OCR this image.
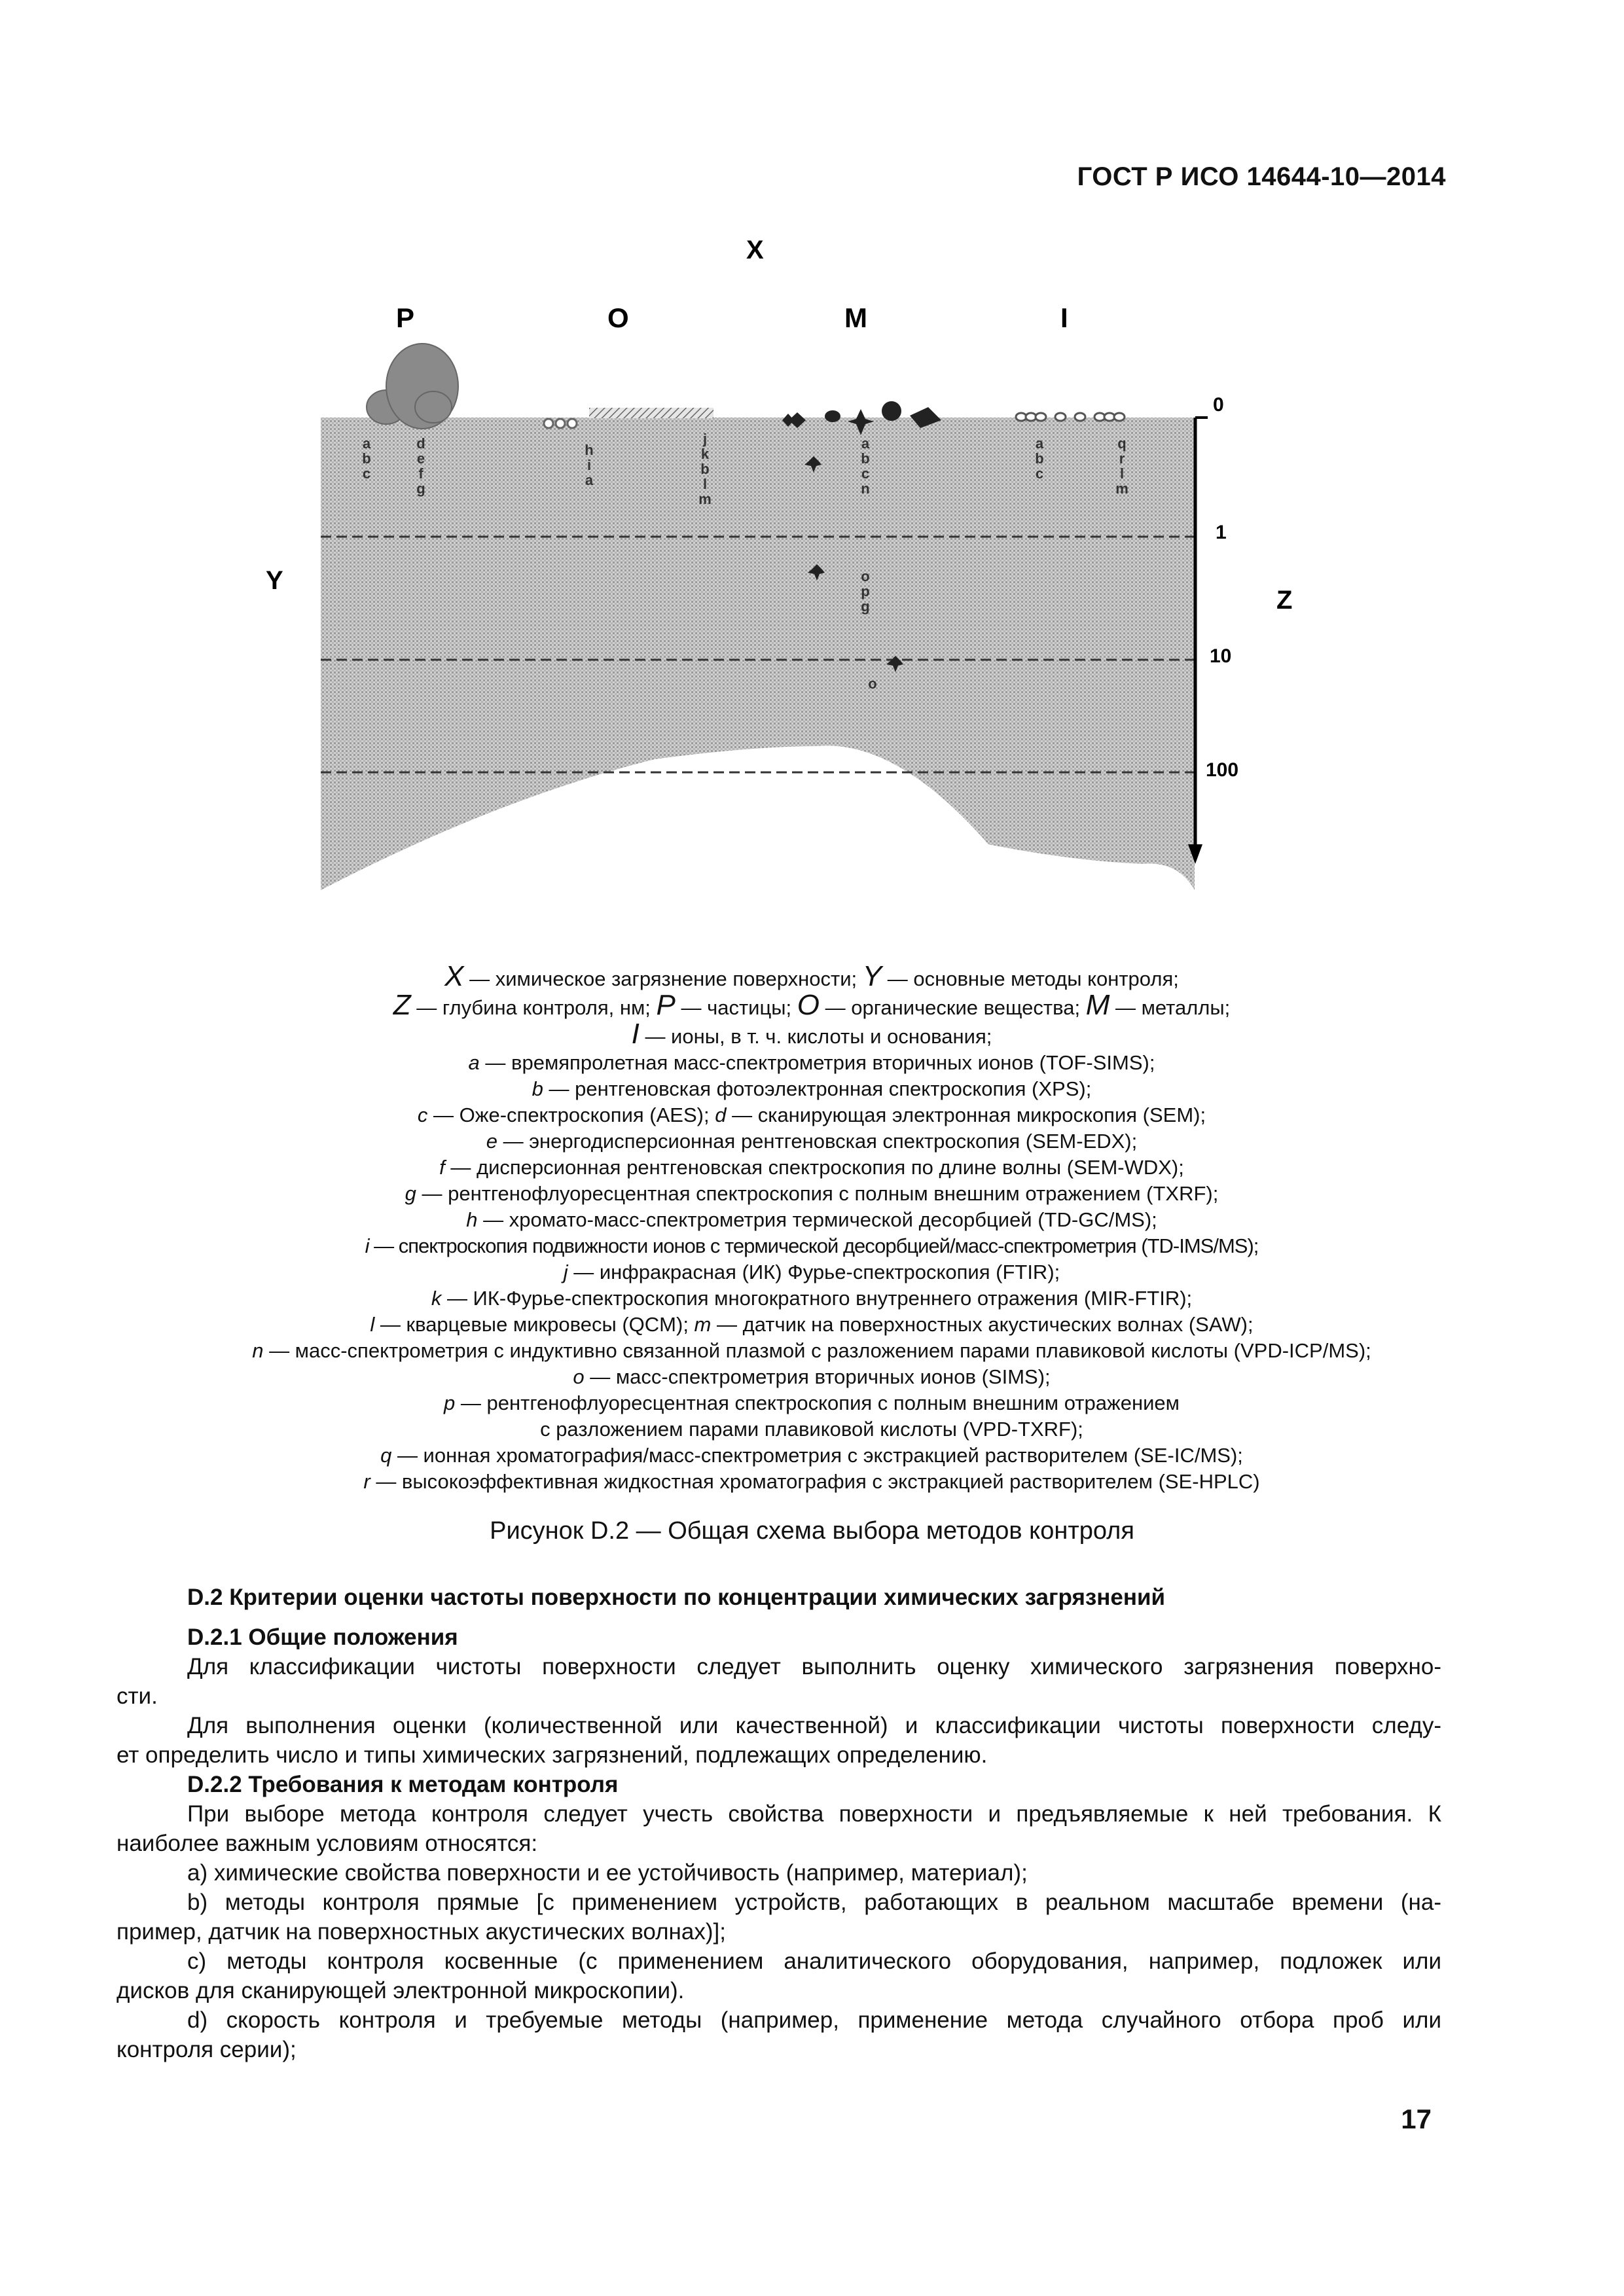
ГОСТ Р ИСО 14644-10—2014
0
1
10
100
X
Y
Z
P	O	M	I
a
b
c
d
e
f
g
h
i
a
j
k
b
l
m
a
b
c
n
o
p
g
o
a
b
c
q
r
l
m
X — химическое загрязнение поверхности; Y — основные методы контроля;
Z — глубина контроля, нм; P — частицы; O — органические вещества; M — металлы;
I — ионы, в т. ч. кислоты и основания;
a — времяпролетная масс-спектрометрия вторичных ионов (TOF-SIMS);
b — рентгеновская фотоэлектронная спектроскопия (XPS);
c — Оже-спектроскопия (AES); d — сканирующая электронная микроскопия (SEM);
e — энергодисперсионная рентгеновская спектроскопия (SEM-EDX);
f — дисперсионная рентгеновская спектроскопия по длине волны (SEM-WDX);
g — рентгенофлуоресцентная спектроскопия с полным внешним отражением (TXRF);
h — хромато-масс-спектрометрия термической десорбцией (TD-GC/MS);
i — спектроскопия подвижности ионов с термической десорбцией/масс-спектрометрия (TD-IMS/MS);
j — инфракрасная (ИК) Фурье-спектроскопия (FTIR);
k — ИК-Фурье-спектроскопия многократного внутреннего отражения (MIR-FTIR);
l — кварцевые микровесы (QCM); m — датчик на поверхностных акустических волнах (SAW);
n — масс-спектрометрия с индуктивно связанной плазмой с разложением парами плавиковой кислоты (VPD-ICP/MS);
o — масс-спектрометрия вторичных ионов (SIMS);
p — рентгенофлуоресцентная спектроскопия с полным внешним отражением
с разложением парами плавиковой кислоты (VPD-TXRF);
q — ионная хроматография/масс-спектрометрия с экстракцией растворителем (SE-IC/MS);
r — высокоэффективная жидкостная хроматография с экстракцией растворителем (SE-HPLC)
Рисунок D.2 — Общая схема выбора методов контроля

D.2 Критерии оценки частоты поверхности по концентрации химических загрязнений

D.2.1 Общие положения

Для классификации чистоты поверхности следует выполнить оценку химического загрязнения поверхно-

сти.

Для выполнения оценки (количественной или качественной) и классификации чистоты поверхности следу-

ет определить число и типы химических загрязнений, подлежащих определению.

D.2.2 Требования к методам контроля

При выборе метода контроля следует учесть свойства поверхности и предъявляемые к ней требования. К

наиболее важным условиям относятся:

а) химические свойства поверхности и ее устойчивость (например, материал);

b) методы контроля прямые [с применением устройств, работающих в реальном масштабе времени (на-

пример, датчик на поверхностных акустических волнах)];

c) методы контроля косвенные (с применением аналитического оборудования, например, подложек или

дисков для сканирующей электронной микроскопии).

d) скорость контроля и требуемые методы (например, применение метода случайного отбора проб или

контроля серии);

17
